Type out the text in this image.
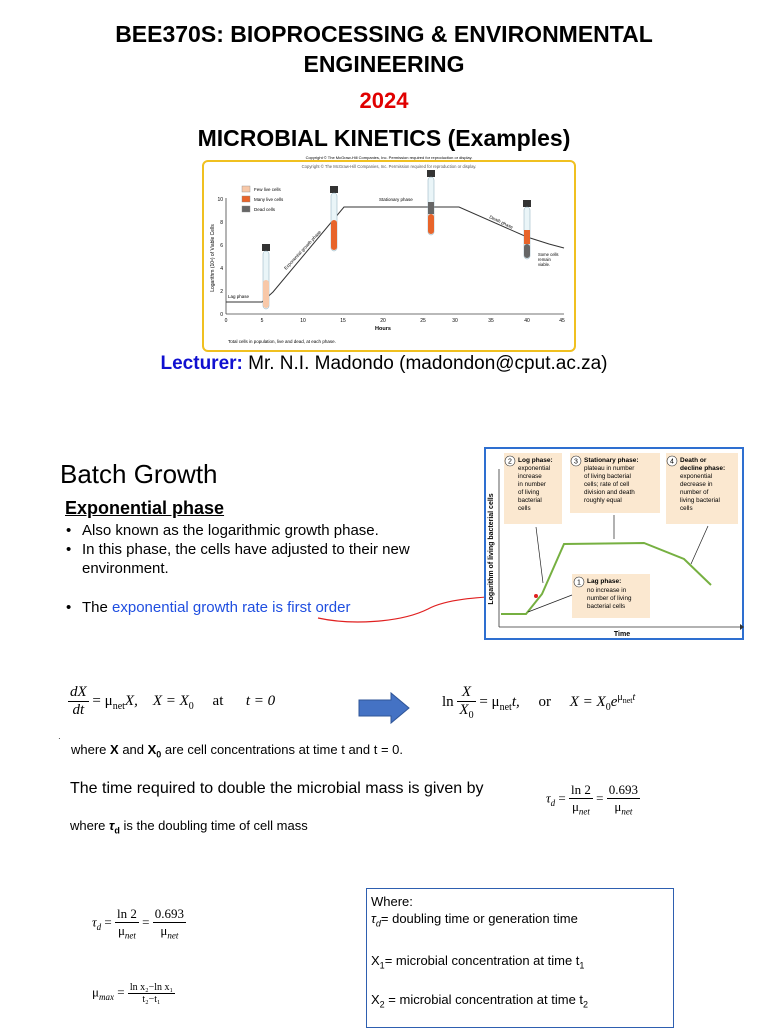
BEE370S: BIOPROCESSING & ENVIRONMENTAL
ENGINEERING
2024
MICROBIAL KINETICS (Examples)
Copyright © The McGraw-Hill Companies, Inc. Permission required for reproduction or display.
Copyright © The McGraw-Hill Companies, Inc. Permission required for reproduction or display.
Logarithm (10ⁿ) of Viable Cells
0
2
4
6
8
10
0	5	10	15	20	25	30	35	40	45
Hours
Total cells in population, live and dead, at each phase.
Few live cells
Many live cells
Dead cells
Lag phase
Exponential growth phase
Stationary phase
Death phase
Some cells
remain
viable.
Lecturer: Mr. N.I. Madondo (madondon@cput.ac.za)
Batch Growth
Exponential phase
• Also known as the logarithmic growth phase.
• In this phase, the cells have adjusted to their new environment.
• The exponential growth rate is first order
Logarithm of living bacterial cells
Time
2 Log phase:
exponential
increase
in number
of living
bacterial
cells
3 Stationary phase:
plateau in number
of living bacterial
cells; rate of cell
division and death
roughly equal
4 Death or
decline phase:
exponential
decrease in
number of
living bacterial
cells
1 Lag phase:
no increase in
number of living
bacterial cells
$\frac{dX}{dt} = \mu_{net}X$, $X = X_0$ at t = 0	$\ln \frac{X}{X_0} = \mu_{net}t$, or $X = X_0e^{\mu_{net}t}$
·
where X and $X_0$ are cell concentrations at time t and t = 0.
The time required to double the microbial mass is given by
$\tau_d = \frac{\ln 2}{\mu_{net}} = \frac{0.693}{\mu_{net}}$
where $\tau_d$ is the doubling time of cell mass
$\tau_d = \frac{\ln 2}{\mu_{net}} = \frac{0.693}{\mu_{net}}$
$\mu_{max} = \frac{\text{ln x₂−ln x₁}}{\text{t₂−t₁}}$

Where:

$\tau_d=$ doubling time or generation time

$X_1=$ microbial concentration at time $t_1$

$X_2$ = microbial concentration at time $t_2$
